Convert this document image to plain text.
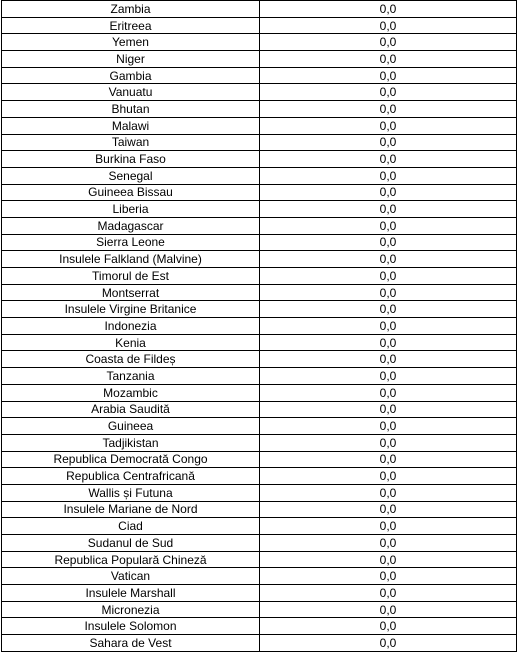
Zambia	0,0
Eritreea	0,0
Yemen	0,0
Niger	0,0
Gambia	0,0
Vanuatu	0,0
Bhutan	0,0
Malawi	0,0
Taiwan	0,0
Burkina Faso	0,0
Senegal	0,0
Guineea Bissau	0,0
Liberia	0,0
Madagascar	0,0
Sierra Leone	0,0
Insulele Falkland (Malvine)	0,0
Timorul de Est	0,0
Montserrat	0,0
Insulele Virgine Britanice	0,0
Indonezia	0,0
Kenia	0,0
Coasta de Fildeș	0,0
Tanzania	0,0
Mozambic	0,0
Arabia Saudită	0,0
Guineea	0,0
Tadjikistan	0,0
Republica Democrată Congo	0,0
Republica Centrafricană	0,0
Wallis și Futuna	0,0
Insulele Mariane de Nord	0,0
Ciad	0,0
Sudanul de Sud	0,0
Republica Populară Chineză	0,0
Vatican	0,0
Insulele Marshall	0,0
Micronezia	0,0
Insulele Solomon	0,0
Sahara de Vest	0,0
